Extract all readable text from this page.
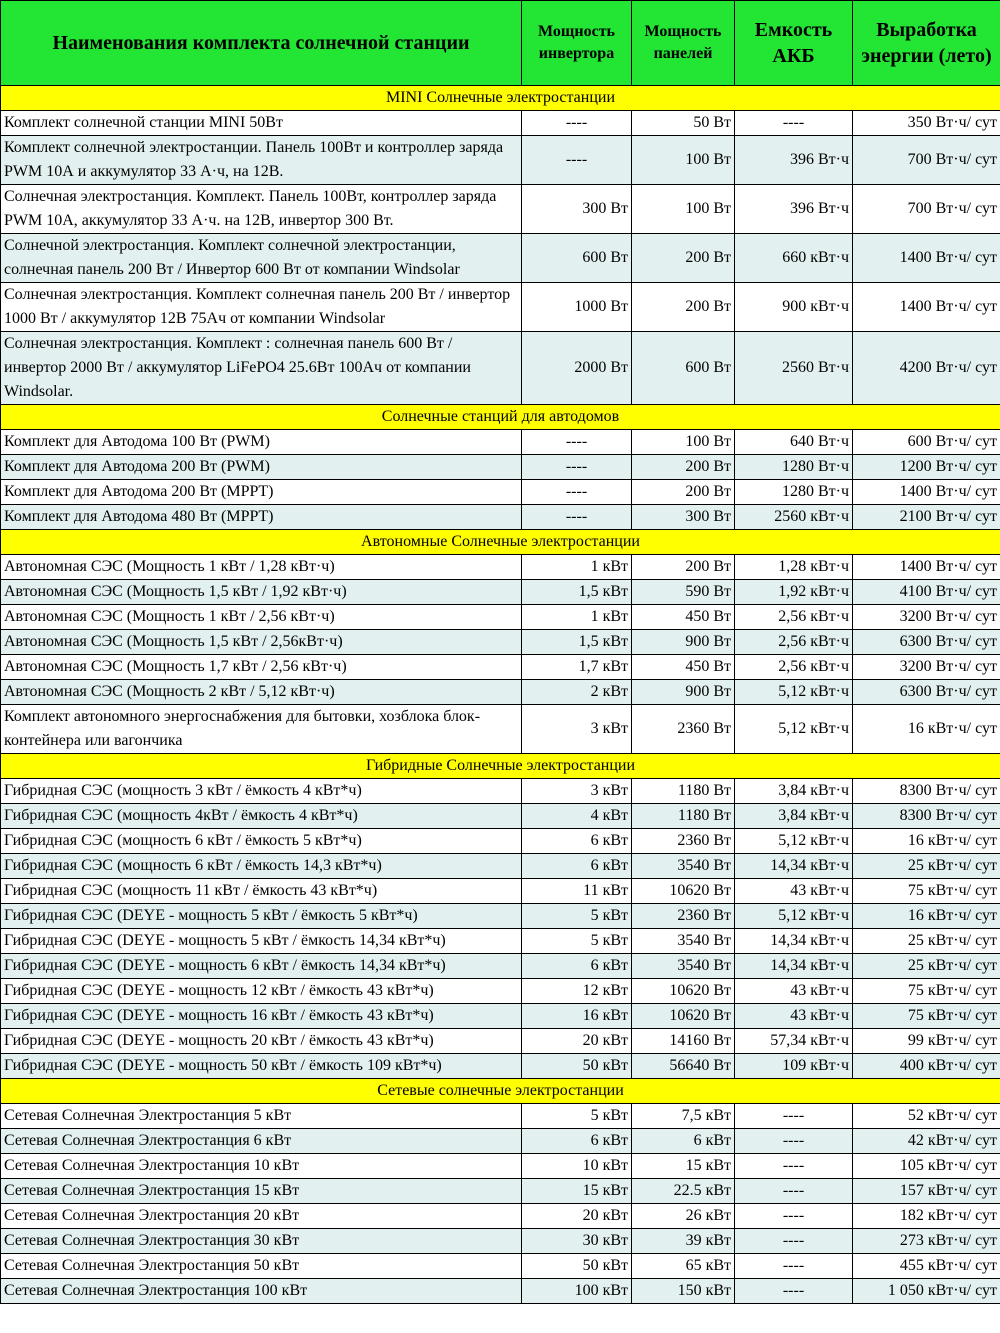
Наименования комплекта солнечной станции	Мощность инвертора	Мощность панелей	Емкость АКБ	Выработка энергии (лето)
MINI Солнечные электростанции				
Комплект солнечной станции MINI 50Вт	----	50 Вт	----	350 Вт·ч/ сут
Комплект солнечной электростанции. Панель 100Вт и контроллер заряда PWM 10А и аккумулятор 33 А·ч, на 12В.	----	100 Вт	396 Вт·ч	700 Вт·ч/ сут
Солнечная электростанция. Комплект. Панель 100Вт, контроллер заряда PWM 10А, аккумулятор 33 А·ч. на 12В, инвертор 300 Вт.	300 Вт	100 Вт	396 Вт·ч	700 Вт·ч/ сут
Солнечной электростанция. Комплект солнечной электростанции, солнечная панель 200 Вт / Инвертор 600 Вт от компании Windsolar	600 Вт	200 Вт	660 кВт·ч	1400 Вт·ч/ сут
Солнечная электростанция. Комплект солнечная панель 200 Вт / инвертор 1000 Вт / аккумулятор 12В 75Ач от компании Windsolar	1000 Вт	200 Вт	900 кВт·ч	1400 Вт·ч/ сут
Солнечная электростанция. Комплект : солнечная панель 600 Вт / инвертор 2000 Вт / аккумулятор LiFePO4 25.6Вт 100Ач от компании Windsolar.	2000 Вт	600 Вт	2560 Вт·ч	4200 Вт·ч/ сут
Солнечные станций для автодомов				
Комплект для Автодома 100 Вт (PWM)	----	100 Вт	640 Вт·ч	600 Вт·ч/ сут
Комплект для Автодома 200 Вт (PWM)	----	200 Вт	1280 Вт·ч	1200 Вт·ч/ сут
Комплект для Автодома 200 Вт (MPPT)	----	200 Вт	1280 Вт·ч	1400 Вт·ч/ сут
Комплект для Автодома 480 Вт (MPPT)	----	300 Вт	2560 кВт·ч	2100 Вт·ч/ сут
Автономные Солнечные электростанции				
Автономная СЭС (Мощность 1 кВт / 1,28 кВт·ч)	1 кВт	200 Вт	1,28 кВт·ч	1400 Вт·ч/ сут
Автономная СЭС (Мощность 1,5 кВт / 1,92 кВт·ч)	1,5 кВт	590 Вт	1,92 кВт·ч	4100 Вт·ч/ сут
Автономная СЭС (Мощность 1 кВт / 2,56 кВт·ч)	1 кВт	450 Вт	2,56 кВт·ч	3200 Вт·ч/ сут
Автономная СЭС (Мощность 1,5 кВт / 2,56кВт·ч)	1,5 кВт	900 Вт	2,56 кВт·ч	6300 Вт·ч/ сут
Автономная СЭС (Мощность 1,7 кВт / 2,56 кВт·ч)	1,7 кВт	450 Вт	2,56 кВт·ч	3200 Вт·ч/ сут
Автономная СЭС (Мощность 2 кВт / 5,12 кВт·ч)	2 кВт	900 Вт	5,12 кВт·ч	6300 Вт·ч/ сут
Комплект автономного энергоснабжения для бытовки, хозблока блок-контейнера или вагончика	3 кВт	2360 Вт	5,12 кВт·ч	16 кВт·ч/ сут
Гибридные Солнечные электростанции				
Гибридная СЭС (мощность 3 кВт / ёмкость 4 кВт*ч)	3 кВт	1180 Вт	3,84 кВт·ч	8300 Вт·ч/ сут
Гибридная СЭС (мощность 4кВт / ёмкость 4 кВт*ч)	4 кВт	1180 Вт	3,84 кВт·ч	8300 Вт·ч/ сут
Гибридная СЭС (мощность 6 кВт / ёмкость 5 кВт*ч)	6 кВт	2360 Вт	5,12 кВт·ч	16 кВт·ч/ сут
Гибридная СЭС (мощность 6 кВт / ёмкость 14,3 кВт*ч)	6 кВт	3540 Вт	14,34 кВт·ч	25 кВт·ч/ сут
Гибридная СЭС (мощность 11 кВт / ёмкость 43 кВт*ч)	11 кВт	10620 Вт	43 кВт·ч	75 кВт·ч/ сут
Гибридная СЭС (DEYE - мощность 5 кВт / ёмкость 5 кВт*ч)	5 кВт	2360 Вт	5,12 кВт·ч	16 кВт·ч/ сут
Гибридная СЭС (DEYE - мощность 5 кВт / ёмкость 14,34 кВт*ч)	5 кВт	3540 Вт	14,34 кВт·ч	25 кВт·ч/ сут
Гибридная СЭС (DEYE - мощность 6 кВт / ёмкость 14,34 кВт*ч)	6 кВт	3540 Вт	14,34 кВт·ч	25 кВт·ч/ сут
Гибридная СЭС (DEYE - мощность 12 кВт / ёмкость 43 кВт*ч)	12 кВт	10620 Вт	43 кВт·ч	75 кВт·ч/ сут
Гибридная СЭС (DEYE - мощность 16 кВт / ёмкость 43 кВт*ч)	16 кВт	10620 Вт	43 кВт·ч	75 кВт·ч/ сут
Гибридная СЭС (DEYE - мощность 20 кВт / ёмкость 43 кВт*ч)	20 кВт	14160 Вт	57,34 кВт·ч	99 кВт·ч/ сут
Гибридная СЭС (DEYE - мощность 50 кВт / ёмкость 109 кВт*ч)	50 кВт	56640 Вт	109 кВт·ч	400 кВт·ч/ сут
Сетевые солнечные электростанции				
Сетевая Солнечная Электростанция 5 кВт	5 кВт	7,5 кВт	----	52 кВт·ч/ сут
Сетевая Солнечная Электростанция 6 кВт	6 кВт	6 кВт	----	42 кВт·ч/ сут
Сетевая Солнечная Электростанция 10 кВт	10 кВт	15 кВт	----	105 кВт·ч/ сут
Сетевая Солнечная Электростанция 15 кВт	15 кВт	22.5 кВт	----	157 кВт·ч/ сут
Сетевая Солнечная Электростанция 20 кВт	20 кВт	26 кВт	----	182 кВт·ч/ сут
Сетевая Солнечная Электростанция 30 кВт	30 кВт	39 кВт	----	273 кВт·ч/ сут
Сетевая Солнечная Электростанция 50 кВт	50 кВт	65 кВт	----	455 кВт·ч/ сут
Сетевая Солнечная Электростанция 100 кВт	100 кВт	150 кВт	----	1 050 кВт·ч/ сут
